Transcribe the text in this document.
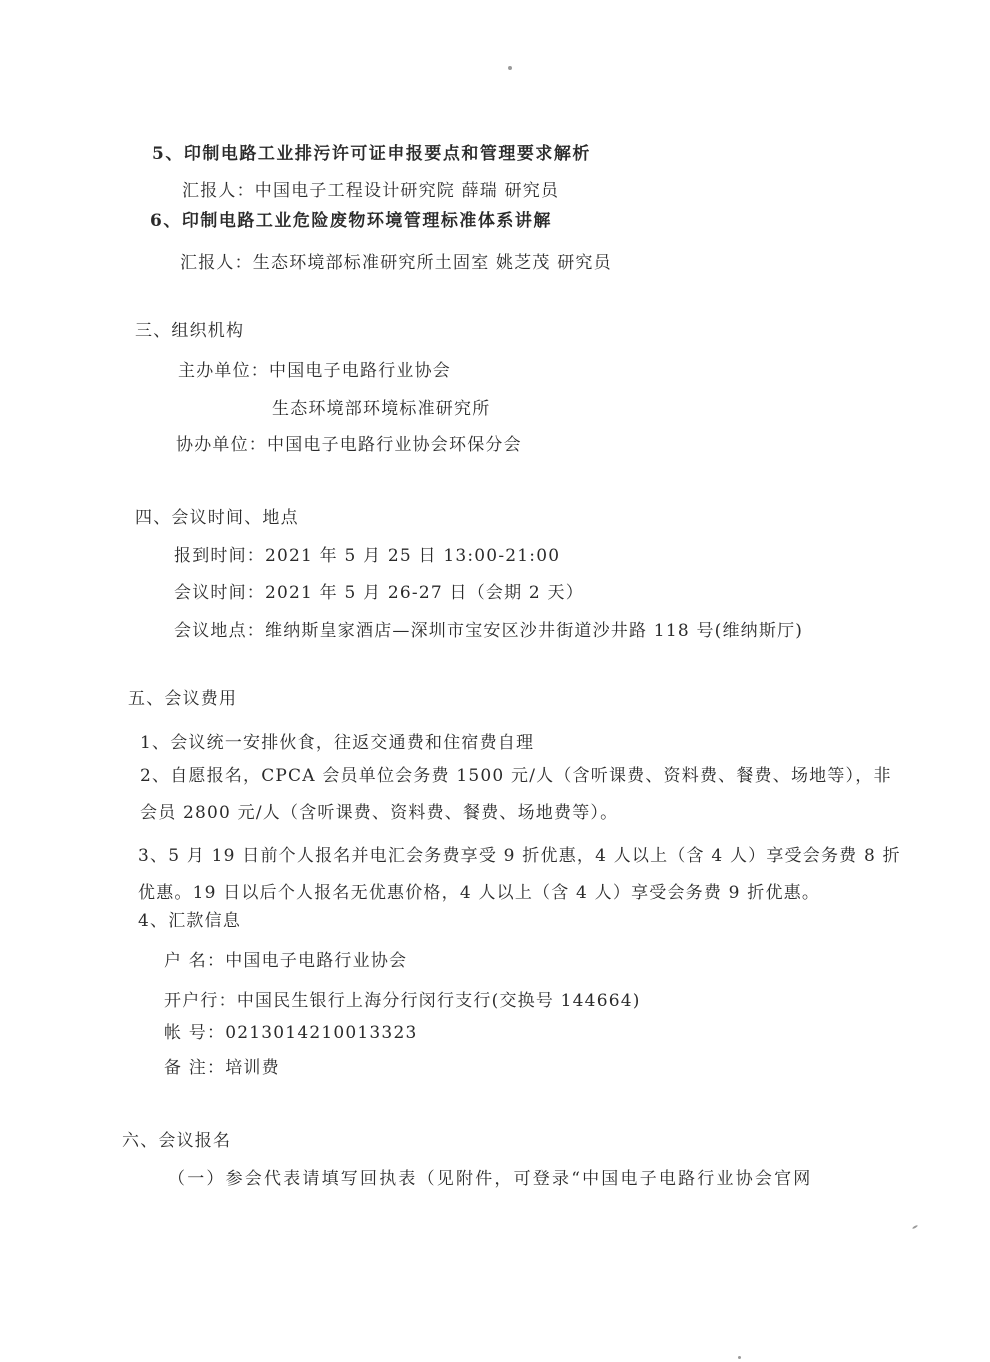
5、印制电路工业排污许可证申报要点和管理要求解析
汇报人：中国电子工程设计研究院 薛瑞 研究员
6、印制电路工业危险废物环境管理标准体系讲解
汇报人：生态环境部标准研究所土固室 姚芝茂 研究员
三、组织机构
主办单位：中国电子电路行业协会
生态环境部环境标准研究所
协办单位：中国电子电路行业协会环保分会
四、会议时间、地点
报到时间：2021 年 5 月 25 日 13:00-21:00
会议时间：2021 年 5 月 26-27 日（会期 2 天）
会议地点：维纳斯皇家酒店—深圳市宝安区沙井街道沙井路 118 号(维纳斯厅)
五、会议费用
1、会议统一安排伙食，往返交通费和住宿费自理
2、自愿报名，CPCA 会员单位会务费 1500 元/人（含听课费、资料费、餐费、场地等），非
会员 2800 元/人（含听课费、资料费、餐费、场地费等）。
3、5 月 19 日前个人报名并电汇会务费享受 9 折优惠，4 人以上（含 4 人）享受会务费 8 折
优惠。19 日以后个人报名无优惠价格，4 人以上（含 4 人）享受会务费 9 折优惠。
4、汇款信息
户 名：中国电子电路行业协会
开户行：中国民生银行上海分行闵行支行(交换号 144664)
帐 号：0213014210013323
备 注：培训费
六、会议报名
（一）参会代表请填写回执表（见附件，可登录“中国电子电路行业协会官网
